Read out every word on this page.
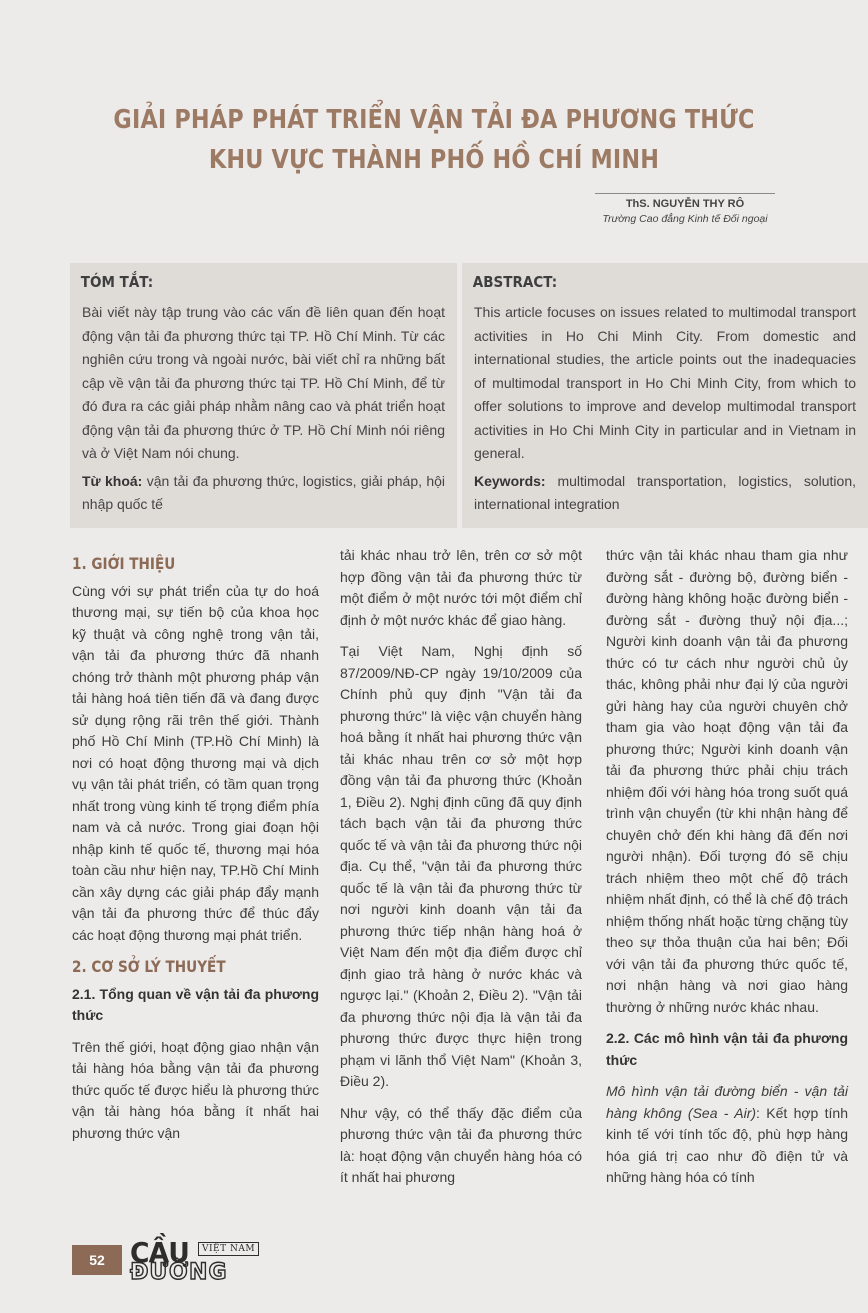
GIẢI PHÁP PHÁT TRIỂN VẬN TẢI ĐA PHƯƠNG THỨC
KHU VỰC THÀNH PHỐ HỒ CHÍ MINH
ThS. NGUYỄN THY RÔ
Trường Cao đẳng Kinh tế Đối ngoại
TÓM TẮT:
Bài viết này tập trung vào các vấn đề liên quan đến hoạt động vận tải đa phương thức tại TP. Hồ Chí Minh. Từ các nghiên cứu trong và ngoài nước, bài viết chỉ ra những bất cập về vận tải đa phương thức tại TP. Hồ Chí Minh, để từ đó đưa ra các giải pháp nhằm nâng cao và phát triển hoạt động vận tải đa phương thức ở TP. Hồ Chí Minh nói riêng và ở Việt Nam nói chung.
Từ khoá: vận tải đa phương thức, logistics, giải pháp, hội nhập quốc tế
ABSTRACT:
This article focuses on issues related to multimodal transport activities in Ho Chi Minh City. From domestic and international studies, the article points out the inadequacies of multimodal transport in Ho Chi Minh City, from which to offer solutions to improve and develop multimodal transport activities in Ho Chi Minh City in particular and in Vietnam in general.
Keywords: multimodal transportation, logistics, solution, international integration
1. GIỚI THIỆU

Cùng với sự phát triển của tự do hoá thương mại, sự tiến bộ của khoa học kỹ thuật và công nghệ trong vận tải, vận tải đa phương thức đã nhanh chóng trở thành một phương pháp vận tải hàng hoá tiên tiến đã và đang được sử dụng rộng rãi trên thế giới. Thành phố Hồ Chí Minh (TP.Hồ Chí Minh) là nơi có hoạt động thương mại và dịch vụ vận tải phát triển, có tầm quan trọng nhất trong vùng kinh tế trọng điểm phía nam và cả nước. Trong giai đoạn hội nhập kinh tế quốc tế, thương mại hóa toàn cầu như hiện nay, TP.Hồ Chí Minh cần xây dựng các giải pháp đẩy mạnh vận tải đa phương thức để thúc đẩy các hoạt động thương mại phát triển.

2. CƠ SỞ LÝ THUYẾT

2.1. Tổng quan về vận tải đa phương thức

Trên thế giới, hoạt động giao nhận vận tải hàng hóa bằng vận tải đa phương thức quốc tế được hiểu là phương thức vận tải hàng hóa bằng ít nhất hai phương thức vận

tải khác nhau trở lên, trên cơ sở một hợp đồng vận tải đa phương thức từ một điểm ở một nước tới một điểm chỉ định ở một nước khác để giao hàng.

Tại Việt Nam, Nghị định số 87/2009/NĐ-CP ngày 19/10/2009 của Chính phủ quy định "Vận tải đa phương thức" là việc vận chuyển hàng hoá bằng ít nhất hai phương thức vận tải khác nhau trên cơ sở một hợp đồng vận tải đa phương thức (Khoản 1, Điều 2). Nghị định cũng đã quy định tách bạch vận tải đa phương thức quốc tế và vận tải đa phương thức nội địa. Cụ thể, "vận tải đa phương thức quốc tế là vận tải đa phương thức từ nơi người kinh doanh vận tải đa phương thức tiếp nhận hàng hoá ở Việt Nam đến một địa điểm được chỉ định giao trả hàng ở nước khác và ngược lại." (Khoản 2, Điều 2). "Vận tải đa phương thức nội địa là vận tải đa phương thức được thực hiện trong phạm vi lãnh thổ Việt Nam" (Khoản 3, Điều 2).

Như vậy, có thể thấy đặc điểm của phương thức vận tải đa phương thức là: hoạt động vận chuyển hàng hóa có ít nhất hai phương

thức vận tải khác nhau tham gia như đường sắt - đường bộ, đường biển - đường hàng không hoặc đường biển - đường sắt - đường thuỷ nội địa...; Người kinh doanh vận tải đa phương thức có tư cách như người chủ ủy thác, không phải như đại lý của người gửi hàng hay của người chuyên chở tham gia vào hoạt động vận tải đa phương thức; Người kinh doanh vận tải đa phương thức phải chịu trách nhiệm đối với hàng hóa trong suốt quá trình vận chuyển (từ khi nhận hàng để chuyên chở đến khi hàng đã đến nơi người nhận). Đối tượng đó sẽ chịu trách nhiệm theo một chế độ trách nhiệm nhất định, có thể là chế độ trách nhiệm thống nhất hoặc từng chặng tùy theo sự thỏa thuận của hai bên; Đối với vận tải đa phương thức quốc tế, nơi nhận hàng và nơi giao hàng thường ở những nước khác nhau.

2.2. Các mô hình vận tải đa phương thức

Mô hình vận tải đường biển - vận tải hàng không (Sea - Air): Kết hợp tính kinh tế với tính tốc độ, phù hợp hàng hóa giá trị cao như đồ điện tử và những hàng hóa có tính

52 CẦU	VIỆT NAM
ĐƯỜNG
